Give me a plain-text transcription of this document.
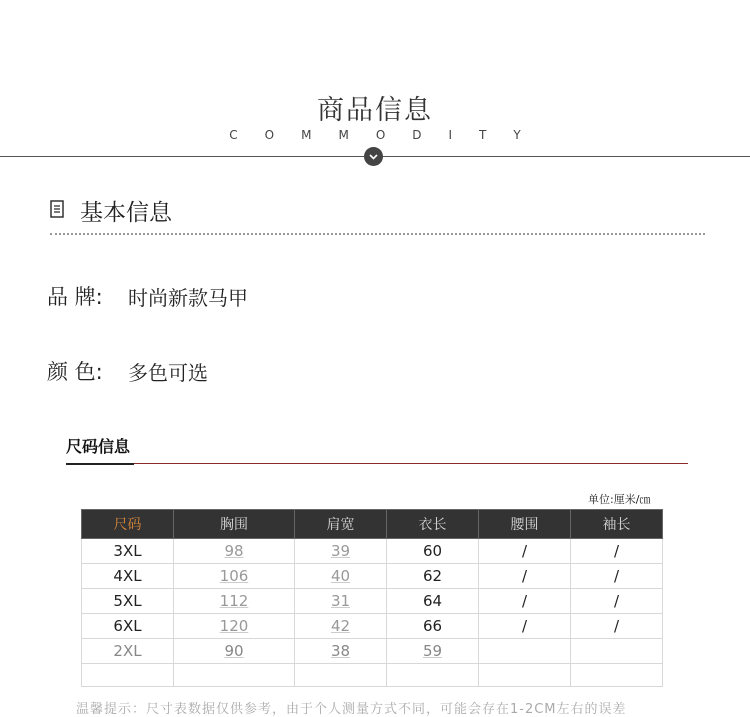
商品信息
COMMODITY
基本信息
品 牌: 时尚新款马甲
颜 色: 多色可选
尺码信息
单位:厘米/㎝
尺码	胸围	肩宽	衣长	腰围	袖长
3XL	98	39	60	/	/
4XL	106	40	62	/	/
5XL	112	31	64	/	/
6XL	120	42	66	/	/
2XL	90	38	59		

温馨提示：尺寸表数据仅供参考，由于个人测量方式不同，可能会存在1-2CM左右的误差
